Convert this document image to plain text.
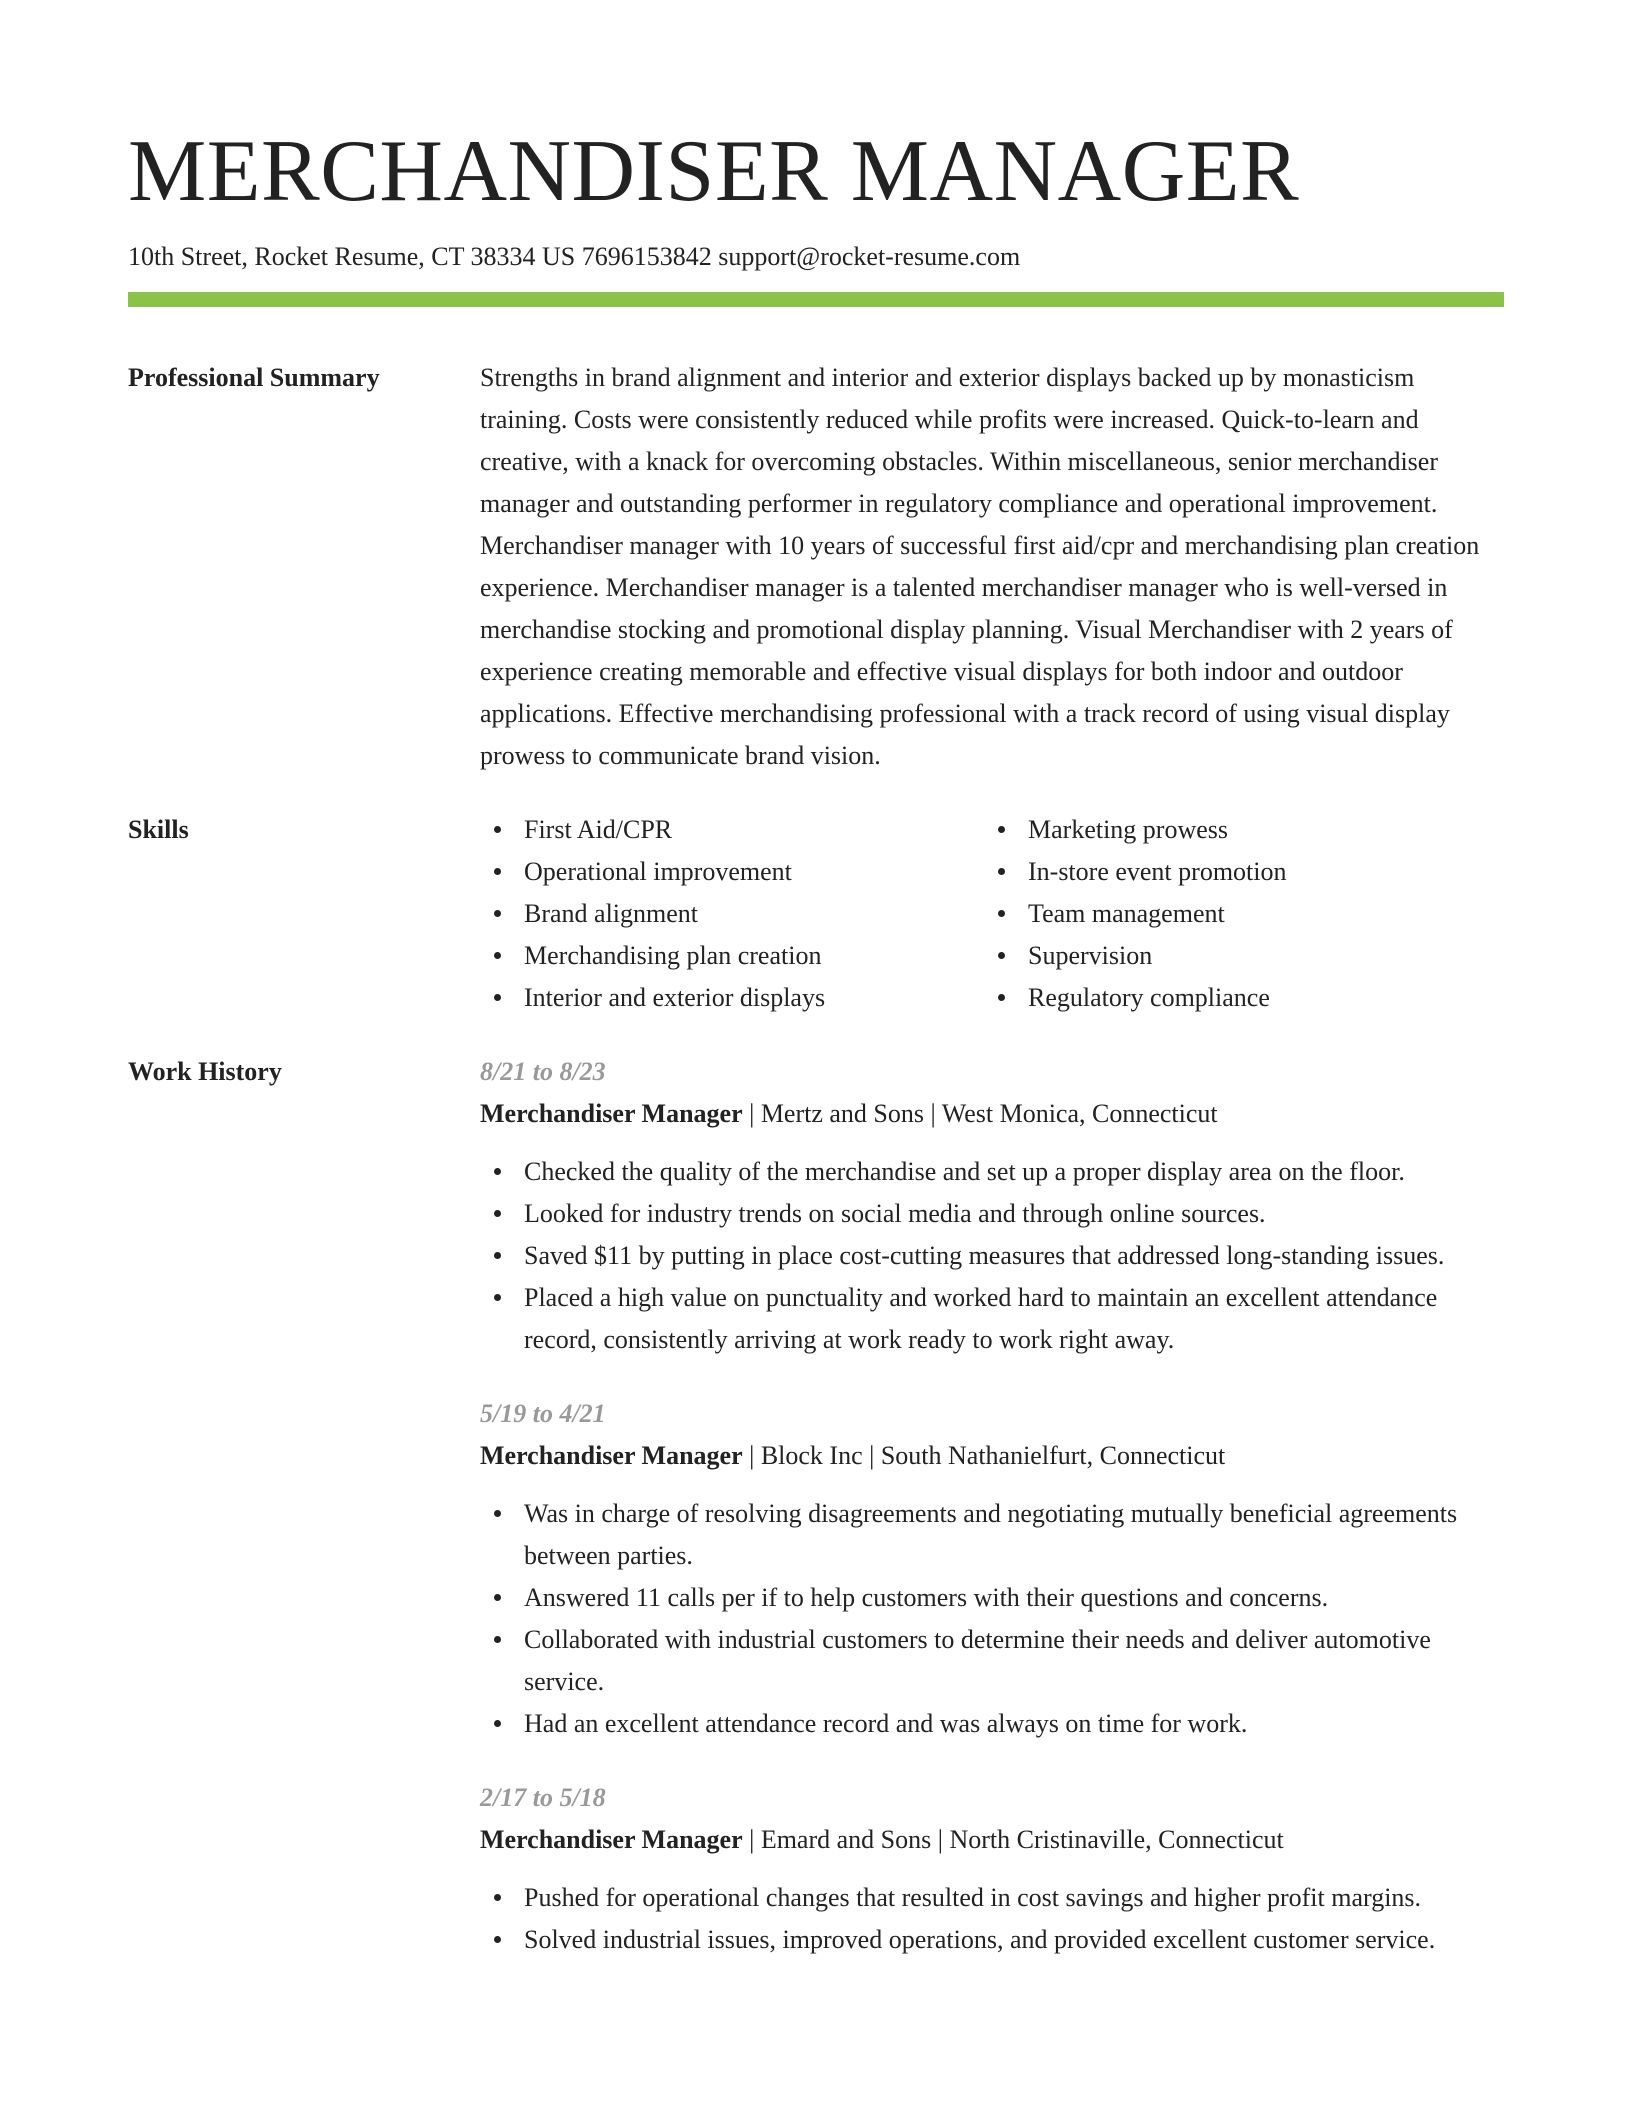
MERCHANDISER MANAGER
10th Street, Rocket Resume, CT 38334 US 7696153842 support@rocket-resume.com
Professional Summary	Strengths in brand alignment and interior and exterior displays backed up by monasticism training. Costs were consistently reduced while profits were increased. Quick-to-learn and creative, with a knack for overcoming obstacles. Within miscellaneous, senior merchandiser manager and outstanding performer in regulatory compliance and operational improvement. Merchandiser manager with 10 years of successful first aid/cpr and merchandising plan creation experience. Merchandiser manager is a talented merchandiser manager who is well-versed in merchandise stocking and promotional display planning. Visual Merchandiser with 2 years of experience creating memorable and effective visual displays for both indoor and outdoor applications. Effective merchandising professional with a track record of using visual display prowess to communicate brand vision.
Skills	First Aid/CPR
Operational improvement
Brand alignment
Merchandising plan creation
Interior and exterior displays
Marketing prowess
In-store event promotion
Team management
Supervision
Regulatory compliance
Work History	8/21 to 8/23
Merchandiser Manager | Mertz and Sons | West Monica, Connecticut
Checked the quality of the merchandise and set up a proper display area on the floor.
Looked for industry trends on social media and through online sources.
Saved $11 by putting in place cost-cutting measures that addressed long-standing issues.
Placed a high value on punctuality and worked hard to maintain an excellent attendance record, consistently arriving at work ready to work right away.
5/19 to 4/21
Merchandiser Manager | Block Inc | South Nathanielfurt, Connecticut
Was in charge of resolving disagreements and negotiating mutually beneficial agreements between parties.
Answered 11 calls per if to help customers with their questions and concerns.
Collaborated with industrial customers to determine their needs and deliver automotive service.
Had an excellent attendance record and was always on time for work.
2/17 to 5/18
Merchandiser Manager | Emard and Sons | North Cristinaville, Connecticut
Pushed for operational changes that resulted in cost savings and higher profit margins.
Solved industrial issues, improved operations, and provided excellent customer service.
